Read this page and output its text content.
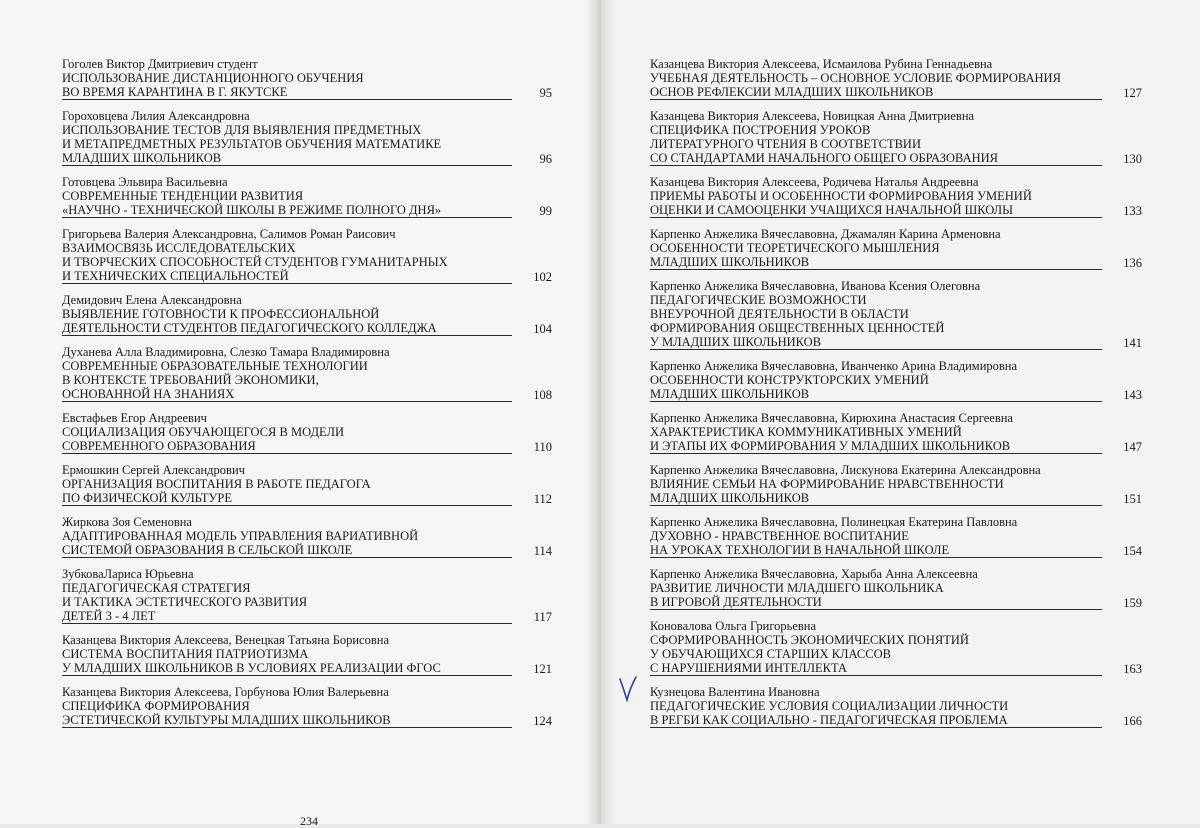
Гоголев Виктор Дмитриевич студент
ИСПОЛЬЗОВАНИЕ ДИСТАНЦИОННОГО ОБУЧЕНИЯ
ВО ВРЕМЯ КАРАНТИНА В Г. ЯКУТСКЕ	95
Гороховцева Лилия Александровна
ИСПОЛЬЗОВАНИЕ ТЕСТОВ ДЛЯ ВЫЯВЛЕНИЯ ПРЕДМЕТНЫХ
И МЕТАПРЕДМЕТНЫХ РЕЗУЛЬТАТОВ ОБУЧЕНИЯ МАТЕМАТИКЕ
МЛАДШИХ ШКОЛЬНИКОВ	96
Готовцева Эльвира Васильевна
СОВРЕМЕННЫЕ ТЕНДЕНЦИИ РАЗВИТИЯ
«НАУЧНО - ТЕХНИЧЕСКОЙ ШКОЛЫ В РЕЖИМЕ ПОЛНОГО ДНЯ»	99
Григорьева Валерия Александровна, Салимов Роман Раисович
ВЗАИМОСВЯЗЬ ИССЛЕДОВАТЕЛЬСКИХ
И ТВОРЧЕСКИХ СПОСОБНОСТЕЙ СТУДЕНТОВ ГУМАНИТАРНЫХ
И ТЕХНИЧЕСКИХ СПЕЦИАЛЬНОСТЕЙ	102
Демидович Елена Александровна
ВЫЯВЛЕНИЕ ГОТОВНОСТИ К ПРОФЕССИОНАЛЬНОЙ
ДЕЯТЕЛЬНОСТИ СТУДЕНТОВ ПЕДАГОГИЧЕСКОГО КОЛЛЕДЖА	104
Духанева Алла Владимировна, Слезко Тамара Владимировна
СОВРЕМЕННЫЕ ОБРАЗОВАТЕЛЬНЫЕ ТЕХНОЛОГИИ
В КОНТЕКСТЕ ТРЕБОВАНИЙ ЭКОНОМИКИ,
ОСНОВАННОЙ НА ЗНАНИЯХ	108
Евстафьев Егор Андреевич
СОЦИАЛИЗАЦИЯ ОБУЧАЮЩЕГОСЯ В МОДЕЛИ
СОВРЕМЕННОГО ОБРАЗОВАНИЯ	110
Ермошкин Сергей Александрович
ОРГАНИЗАЦИЯ ВОСПИТАНИЯ В РАБОТЕ ПЕДАГОГА
ПО ФИЗИЧЕСКОЙ КУЛЬТУРЕ	112
Жиркова Зоя Семеновна
АДАПТИРОВАННАЯ МОДЕЛЬ УПРАВЛЕНИЯ ВАРИАТИВНОЙ
СИСТЕМОЙ ОБРАЗОВАНИЯ В СЕЛЬСКОЙ ШКОЛЕ	114
ЗубковаЛариса Юрьевна
ПЕДАГОГИЧЕСКАЯ СТРАТЕГИЯ
И ТАКТИКА ЭСТЕТИЧЕСКОГО РАЗВИТИЯ
ДЕТЕЙ 3 - 4 ЛЕТ	117
Казанцева Виктория Алексеева, Венецкая Татьяна Борисовна
СИСТЕМА ВОСПИТАНИЯ ПАТРИОТИЗМА
У МЛАДШИХ ШКОЛЬНИКОВ В УСЛОВИЯХ РЕАЛИЗАЦИИ ФГОС	121
Казанцева Виктория Алексеева, Горбунова Юлия Валерьевна
СПЕЦИФИКА ФОРМИРОВАНИЯ
ЭСТЕТИЧЕСКОЙ КУЛЬТУРЫ МЛАДШИХ ШКОЛЬНИКОВ	124
Казанцева Виктория Алексеева, Исмаилова Рубина Геннадьевна
УЧЕБНАЯ ДЕЯТЕЛЬНОСТЬ – ОСНОВНОЕ УСЛОВИЕ ФОРМИРОВАНИЯ
ОСНОВ РЕФЛЕКСИИ МЛАДШИХ ШКОЛЬНИКОВ	127
Казанцева Виктория Алексеева, Новицкая Анна Дмитриевна
СПЕЦИФИКА ПОСТРОЕНИЯ УРОКОВ
ЛИТЕРАТУРНОГО ЧТЕНИЯ В СООТВЕТСТВИИ
СО СТАНДАРТАМИ НАЧАЛЬНОГО ОБЩЕГО ОБРАЗОВАНИЯ	130
Казанцева Виктория Алексеева, Родичева Наталья Андреевна
ПРИЕМЫ РАБОТЫ И ОСОБЕННОСТИ ФОРМИРОВАНИЯ УМЕНИЙ
ОЦЕНКИ И САМООЦЕНКИ УЧАЩИХСЯ НАЧАЛЬНОЙ ШКОЛЫ	133
Карпенко Анжелика Вячеславовна, Джамалян Карина Арменовна
ОСОБЕННОСТИ ТЕОРЕТИЧЕСКОГО МЫШЛЕНИЯ
МЛАДШИХ ШКОЛЬНИКОВ	136
Карпенко Анжелика Вячеславовна, Иванова Ксения Олеговна
ПЕДАГОГИЧЕСКИЕ ВОЗМОЖНОСТИ
ВНЕУРОЧНОЙ ДЕЯТЕЛЬНОСТИ В ОБЛАСТИ
ФОРМИРОВАНИЯ ОБЩЕСТВЕННЫХ ЦЕННОСТЕЙ
У МЛАДШИХ ШКОЛЬНИКОВ	141
Карпенко Анжелика Вячеславовна, Иванченко Арина Владимировна
ОСОБЕННОСТИ КОНСТРУКТОРСКИХ УМЕНИЙ
МЛАДШИХ ШКОЛЬНИКОВ	143
Карпенко Анжелика Вячеславовна, Кирюхина Анастасия Сергеевна
ХАРАКТЕРИСТИКА КОММУНИКАТИВНЫХ УМЕНИЙ
И ЭТАПЫ ИХ ФОРМИРОВАНИЯ У МЛАДШИХ ШКОЛЬНИКОВ	147
Карпенко Анжелика Вячеславовна, Лискунова Екатерина Александровна
ВЛИЯНИЕ СЕМЬИ НА ФОРМИРОВАНИЕ НРАВСТВЕННОСТИ
МЛАДШИХ ШКОЛЬНИКОВ	151
Карпенко Анжелика Вячеславовна, Полинецкая Екатерина Павловна
ДУХОВНО - НРАВСТВЕННОЕ ВОСПИТАНИЕ
НА УРОКАХ ТЕХНОЛОГИИ В НАЧАЛЬНОЙ ШКОЛЕ	154
Карпенко Анжелика Вячеславовна, Харыба Анна Алексеевна
РАЗВИТИЕ ЛИЧНОСТИ МЛАДШЕГО ШКОЛЬНИКА
В ИГРОВОЙ ДЕЯТЕЛЬНОСТИ	159
Коновалова Ольга Григорьевна
СФОРМИРОВАННОСТЬ ЭКОНОМИЧЕСКИХ ПОНЯТИЙ
У ОБУЧАЮЩИХСЯ СТАРШИХ КЛАССОВ
С НАРУШЕНИЯМИ ИНТЕЛЛЕКТА	163
Кузнецова Валентина Ивановна
ПЕДАГОГИЧЕСКИЕ УСЛОВИЯ СОЦИАЛИЗАЦИИ ЛИЧНОСТИ
В РЕГБИ КАК СОЦИАЛЬНО - ПЕДАГОГИЧЕСКАЯ ПРОБЛЕМА	166
234
